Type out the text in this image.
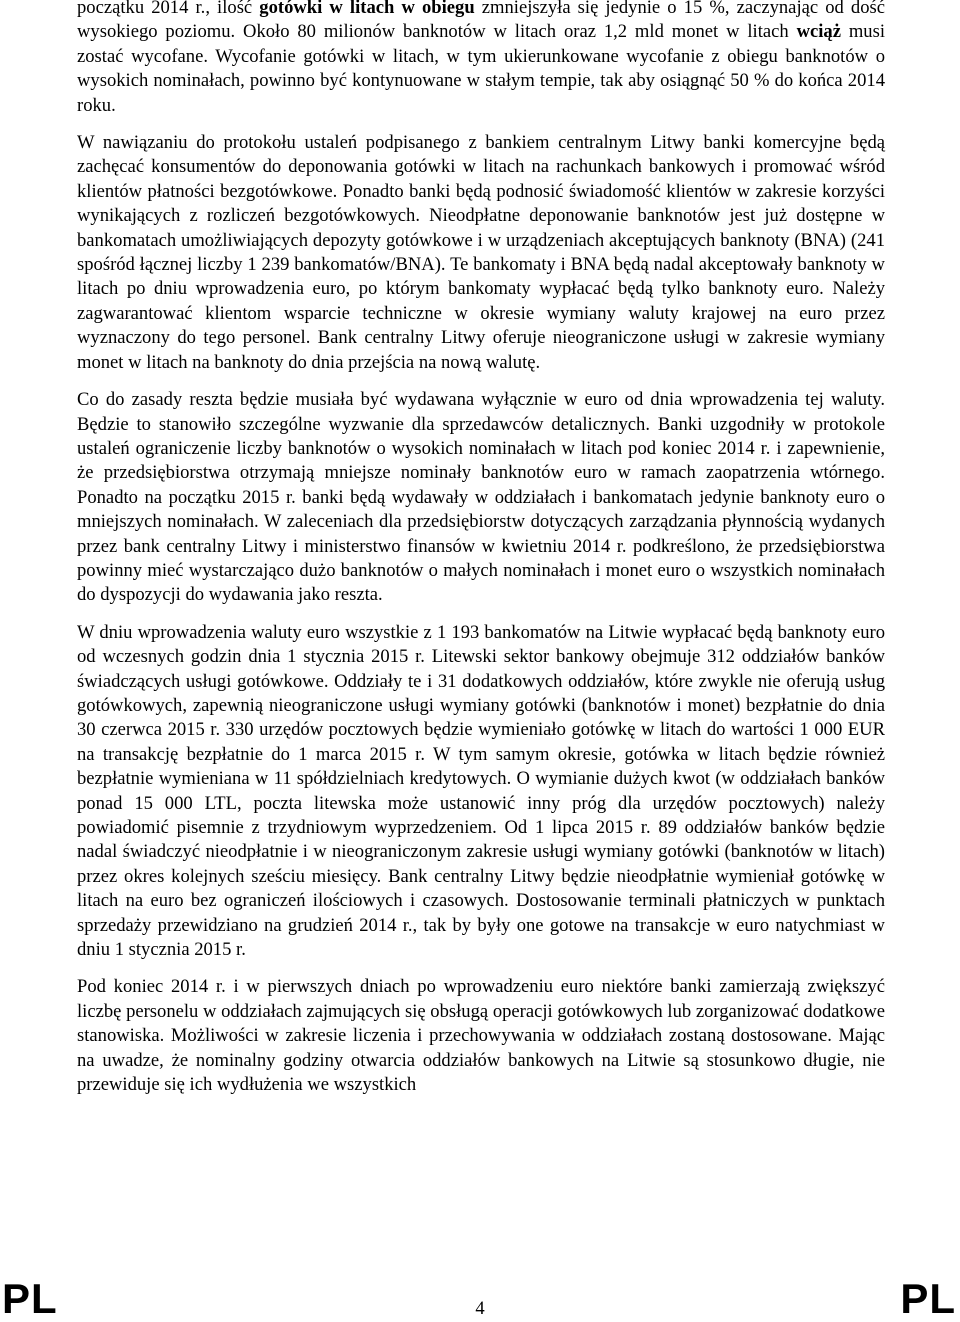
początku 2014 r., ilość gotówki w litach w obiegu zmniejszyła się jedynie o 15 %, zaczynając od dość wysokiego poziomu. Około 80 milionów banknotów w litach oraz 1,2 mld monet w litach wciąż musi zostać wycofane. Wycofanie gotówki w litach, w tym ukierunkowane wycofanie z obiegu banknotów o wysokich nominałach, powinno być kontynuowane w stałym tempie, tak aby osiągnąć 50 % do końca 2014 roku.

W nawiązaniu do protokołu ustaleń podpisanego z bankiem centralnym Litwy banki komercyjne będą zachęcać konsumentów do deponowania gotówki w litach na rachunkach bankowych i promować wśród klientów płatności bezgotówkowe. Ponadto banki będą podnosić świadomość klientów w zakresie korzyści wynikających z rozliczeń bezgotówkowych. Nieodpłatne deponowanie banknotów jest już dostępne w bankomatach umożliwiających depozyty gotówkowe i w urządzeniach akceptujących banknoty (BNA) (241 spośród łącznej liczby 1 239 bankomatów/BNA). Te bankomaty i BNA będą nadal akceptowały banknoty w litach po dniu wprowadzenia euro, po którym bankomaty wypłacać będą tylko banknoty euro. Należy zagwarantować klientom wsparcie techniczne w okresie wymiany waluty krajowej na euro przez wyznaczony do tego personel. Bank centralny Litwy oferuje nieograniczone usługi w zakresie wymiany monet w litach na banknoty do dnia przejścia na nową walutę.

Co do zasady reszta będzie musiała być wydawana wyłącznie w euro od dnia wprowadzenia tej waluty. Będzie to stanowiło szczególne wyzwanie dla sprzedawców detalicznych. Banki uzgodniły w protokole ustaleń ograniczenie liczby banknotów o wysokich nominałach w litach pod koniec 2014 r. i zapewnienie, że przedsiębiorstwa otrzymają mniejsze nominały banknotów euro w ramach zaopatrzenia wtórnego. Ponadto na początku 2015 r. banki będą wydawały w oddziałach i bankomatach jedynie banknoty euro o mniejszych nominałach. W zaleceniach dla przedsiębiorstw dotyczących zarządzania płynnością wydanych przez bank centralny Litwy i ministerstwo finansów w kwietniu 2014 r. podkreślono, że przedsiębiorstwa powinny mieć wystarczająco dużo banknotów o małych nominałach i monet euro o wszystkich nominałach do dyspozycji do wydawania jako reszta.

W dniu wprowadzenia waluty euro wszystkie z 1 193 bankomatów na Litwie wypłacać będą banknoty euro od wczesnych godzin dnia 1 stycznia 2015 r. Litewski sektor bankowy obejmuje 312 oddziałów banków świadczących usługi gotówkowe. Oddziały te i 31 dodatkowych oddziałów, które zwykle nie oferują usług gotówkowych, zapewnią nieograniczone usługi wymiany gotówki (banknotów i monet) bezpłatnie do dnia 30 czerwca 2015 r. 330 urzędów pocztowych będzie wymieniało gotówkę w litach do wartości 1 000 EUR na transakcję bezpłatnie do 1 marca 2015 r. W tym samym okresie, gotówka w litach będzie również bezpłatnie wymieniana w 11 spółdzielniach kredytowych. O wymianie dużych kwot (w oddziałach banków ponad 15 000 LTL, poczta litewska może ustanowić inny próg dla urzędów pocztowych) należy powiadomić pisemnie z trzydniowym wyprzedzeniem. Od 1 lipca 2015 r. 89 oddziałów banków będzie nadal świadczyć nieodpłatnie i w nieograniczonym zakresie usługi wymiany gotówki (banknotów w litach) przez okres kolejnych sześciu miesięcy. Bank centralny Litwy będzie nieodpłatnie wymieniał gotówkę w litach na euro bez ograniczeń ilościowych i czasowych. Dostosowanie terminali płatniczych w punktach sprzedaży przewidziano na grudzień 2014 r., tak by były one gotowe na transakcje w euro natychmiast w dniu 1 stycznia 2015 r.

Pod koniec 2014 r. i w pierwszych dniach po wprowadzeniu euro niektóre banki zamierzają zwiększyć liczbę personelu w oddziałach zajmujących się obsługą operacji gotówkowych lub zorganizować dodatkowe stanowiska. Możliwości w zakresie liczenia i przechowywania w oddziałach zostaną dostosowane. Mając na uwadze, że nominalny godziny otwarcia oddziałów bankowych na Litwie są stosunkowo długie, nie przewiduje się ich wydłużenia we wszystkich

PL	4	PL
